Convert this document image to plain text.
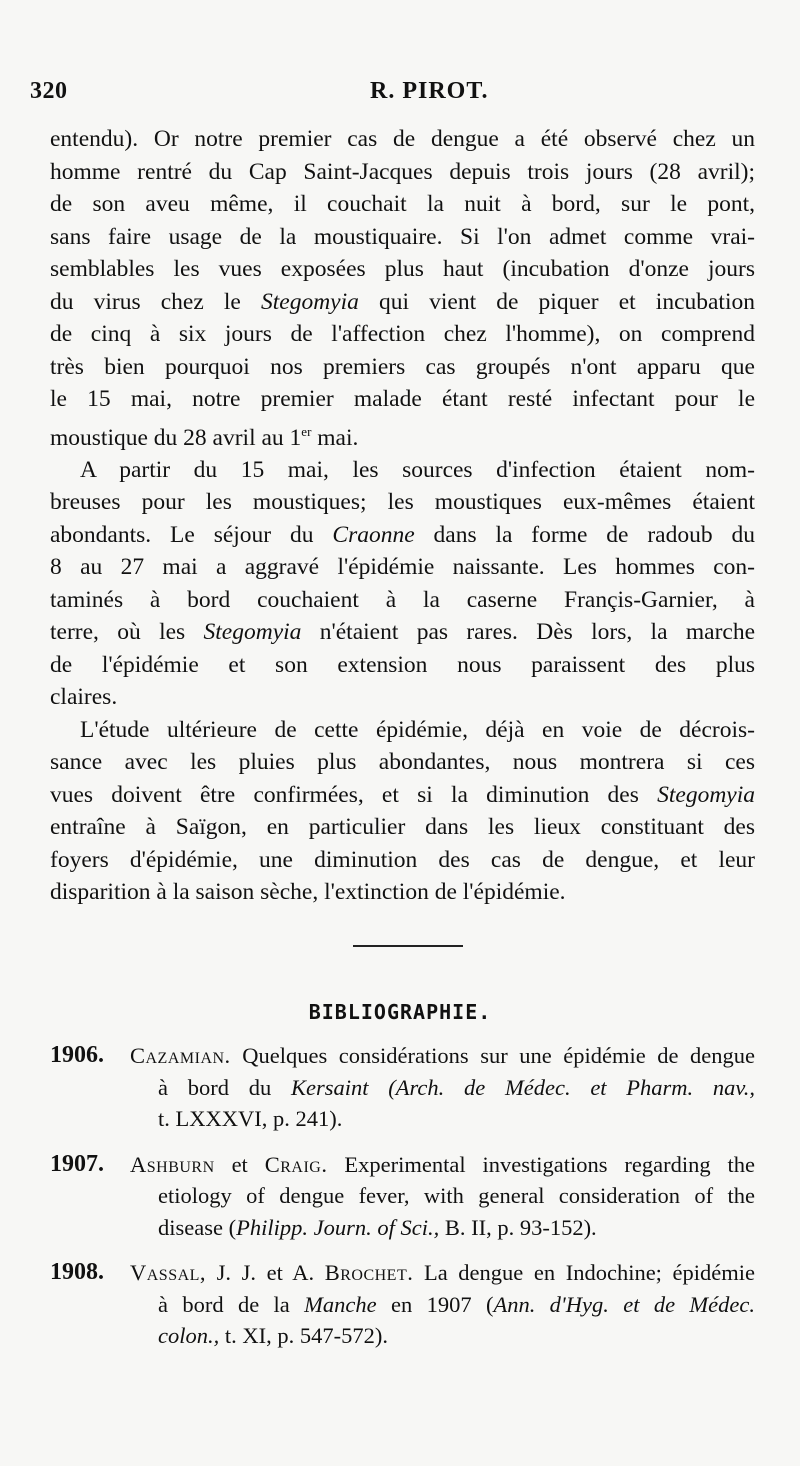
320	R. PIROT.
entendu). Or notre premier cas de dengue a été observé chez un
homme rentré du Cap Saint-Jacques depuis trois jours (28 avril);
de son aveu même, il couchait la nuit à bord, sur le pont,
sans faire usage de la moustiquaire. Si l'on admet comme vrai-
semblables les vues exposées plus haut (incubation d'onze jours
du virus chez le Stegomyia qui vient de piquer et incubation
de cinq à six jours de l'affection chez l'homme), on comprend
très bien pourquoi nos premiers cas groupés n'ont apparu que
le 15 mai, notre premier malade étant resté infectant pour le
moustique du 28 avril au 1er mai.
A partir du 15 mai, les sources d'infection étaient nom-
breuses pour les moustiques; les moustiques eux-mêmes étaient
abondants. Le séjour du Craonne dans la forme de radoub du
8 au 27 mai a aggravé l'épidémie naissante. Les hommes con-
taminés à bord couchaient à la caserne Françis-Garnier, à
terre, où les Stegomyia n'étaient pas rares. Dès lors, la marche
de l'épidémie et son extension nous paraissent des plus
claires.
L'étude ultérieure de cette épidémie, déjà en voie de décrois-
sance avec les pluies plus abondantes, nous montrera si ces
vues doivent être confirmées, et si la diminution des Stegomyia
entraîne à Saïgon, en particulier dans les lieux constituant des
foyers d'épidémie, une diminution des cas de dengue, et leur
disparition à la saison sèche, l'extinction de l'épidémie.
BIBLIOGRAPHIE.
1906. Cazamian. Quelques considérations sur une épidémie de dengue
à bord du Kersaint (Arch. de Médec. et Pharm. nav.,
t. LXXXVI, p. 241).
1907. Ashburn et Craig. Experimental investigations regarding the
etiology of dengue fever, with general consideration of the
disease (Philipp. Journ. of Sci., B. II, p. 93-152).
1908. Vassal, J. J. et A. Brochet. La dengue en Indochine; épidémie
à bord de la Manche en 1907 (Ann. d'Hyg. et de Médec.
colon., t. XI, p. 547-572).
